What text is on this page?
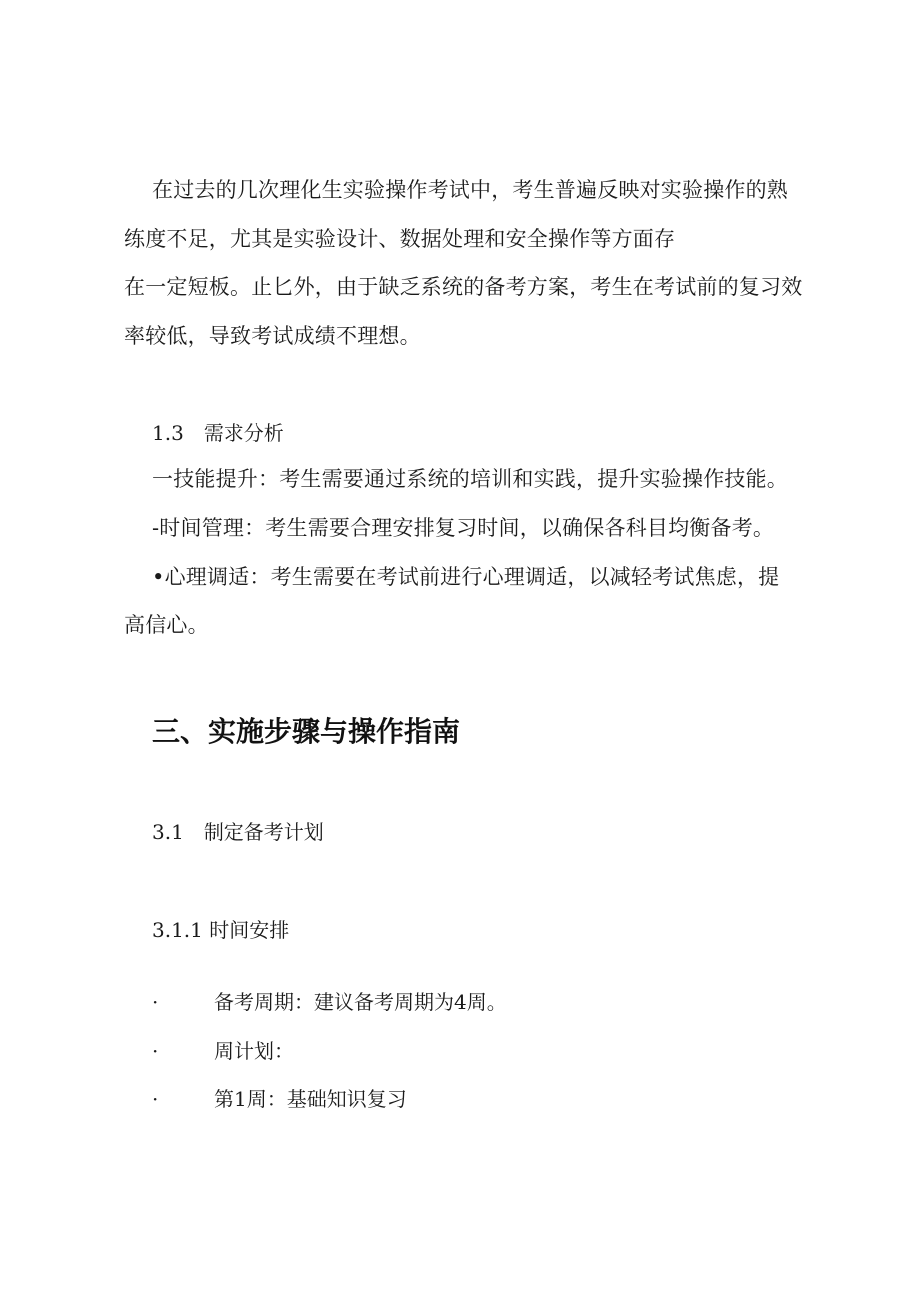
在过去的几次理化生实验操作考试中，考生普遍反映对实验操作的熟
练度不足，尤其是实验设计、数据处理和安全操作等方面存
在一定短板。止匕外，由于缺乏系统的备考方案，考生在考试前的复习效
率较低，导致考试成绩不理想。
1.3 需求分析
一技能提升：考生需要通过系统的培训和实践，提升实验操作技能。
-时间管理：考生需要合理安排复习时间，以确保各科目均衡备考。
•心理调适：考生需要在考试前进行心理调适，以减轻考试焦虑，提
高信心。
三、实施步骤与操作指南
3.1 制定备考计划
3.1.1 时间安排
·	备考周期：建议备考周期为4周。
·	周计划：
·	第1周：基础知识复习
